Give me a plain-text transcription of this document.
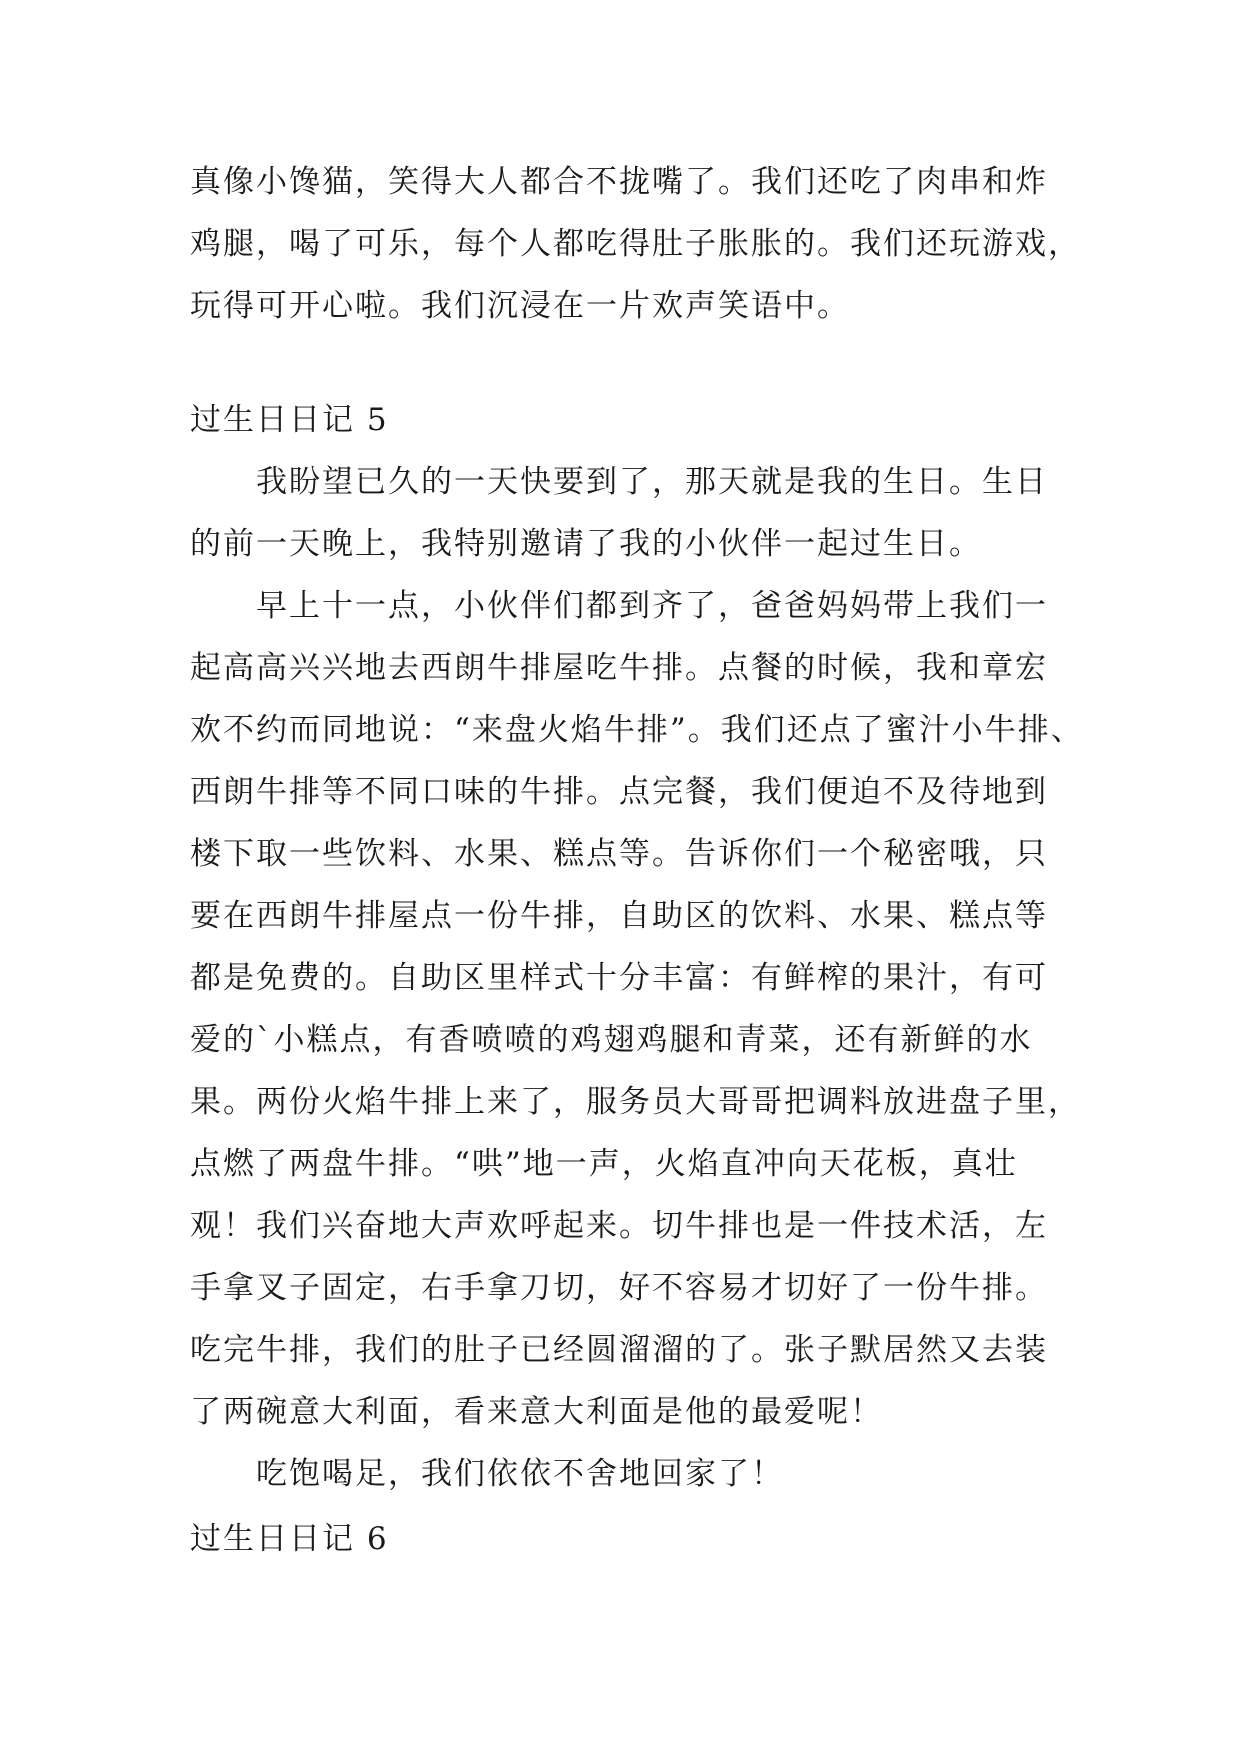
真像小馋猫，笑得大人都合不拢嘴了。我们还吃了肉串和炸
鸡腿，喝了可乐，每个人都吃得肚子胀胀的。我们还玩游戏，
玩得可开心啦。我们沉浸在一片欢声笑语中。
过生日日记 5
我盼望已久的一天快要到了，那天就是我的生日。生日
的前一天晚上，我特别邀请了我的小伙伴一起过生日。
早上十一点，小伙伴们都到齐了，爸爸妈妈带上我们一
起高高兴兴地去西朗牛排屋吃牛排。点餐的时候，我和章宏
欢不约而同地说：“来盘火焰牛排”。我们还点了蜜汁小牛排、
西朗牛排等不同口味的牛排。点完餐，我们便迫不及待地到
楼下取一些饮料、水果、糕点等。告诉你们一个秘密哦，只
要在西朗牛排屋点一份牛排，自助区的饮料、水果、糕点等
都是免费的。自助区里样式十分丰富：有鲜榨的果汁，有可
爱的`小糕点，有香喷喷的鸡翅鸡腿和青菜，还有新鲜的水
果。两份火焰牛排上来了，服务员大哥哥把调料放进盘子里，
点燃了两盘牛排。“哄”地一声，火焰直冲向天花板，真壮
观！我们兴奋地大声欢呼起来。切牛排也是一件技术活，左
手拿叉子固定，右手拿刀切，好不容易才切好了一份牛排。
吃完牛排，我们的肚子已经圆溜溜的了。张子默居然又去装
了两碗意大利面，看来意大利面是他的最爱呢！
吃饱喝足，我们依依不舍地回家了！
过生日日记 6
